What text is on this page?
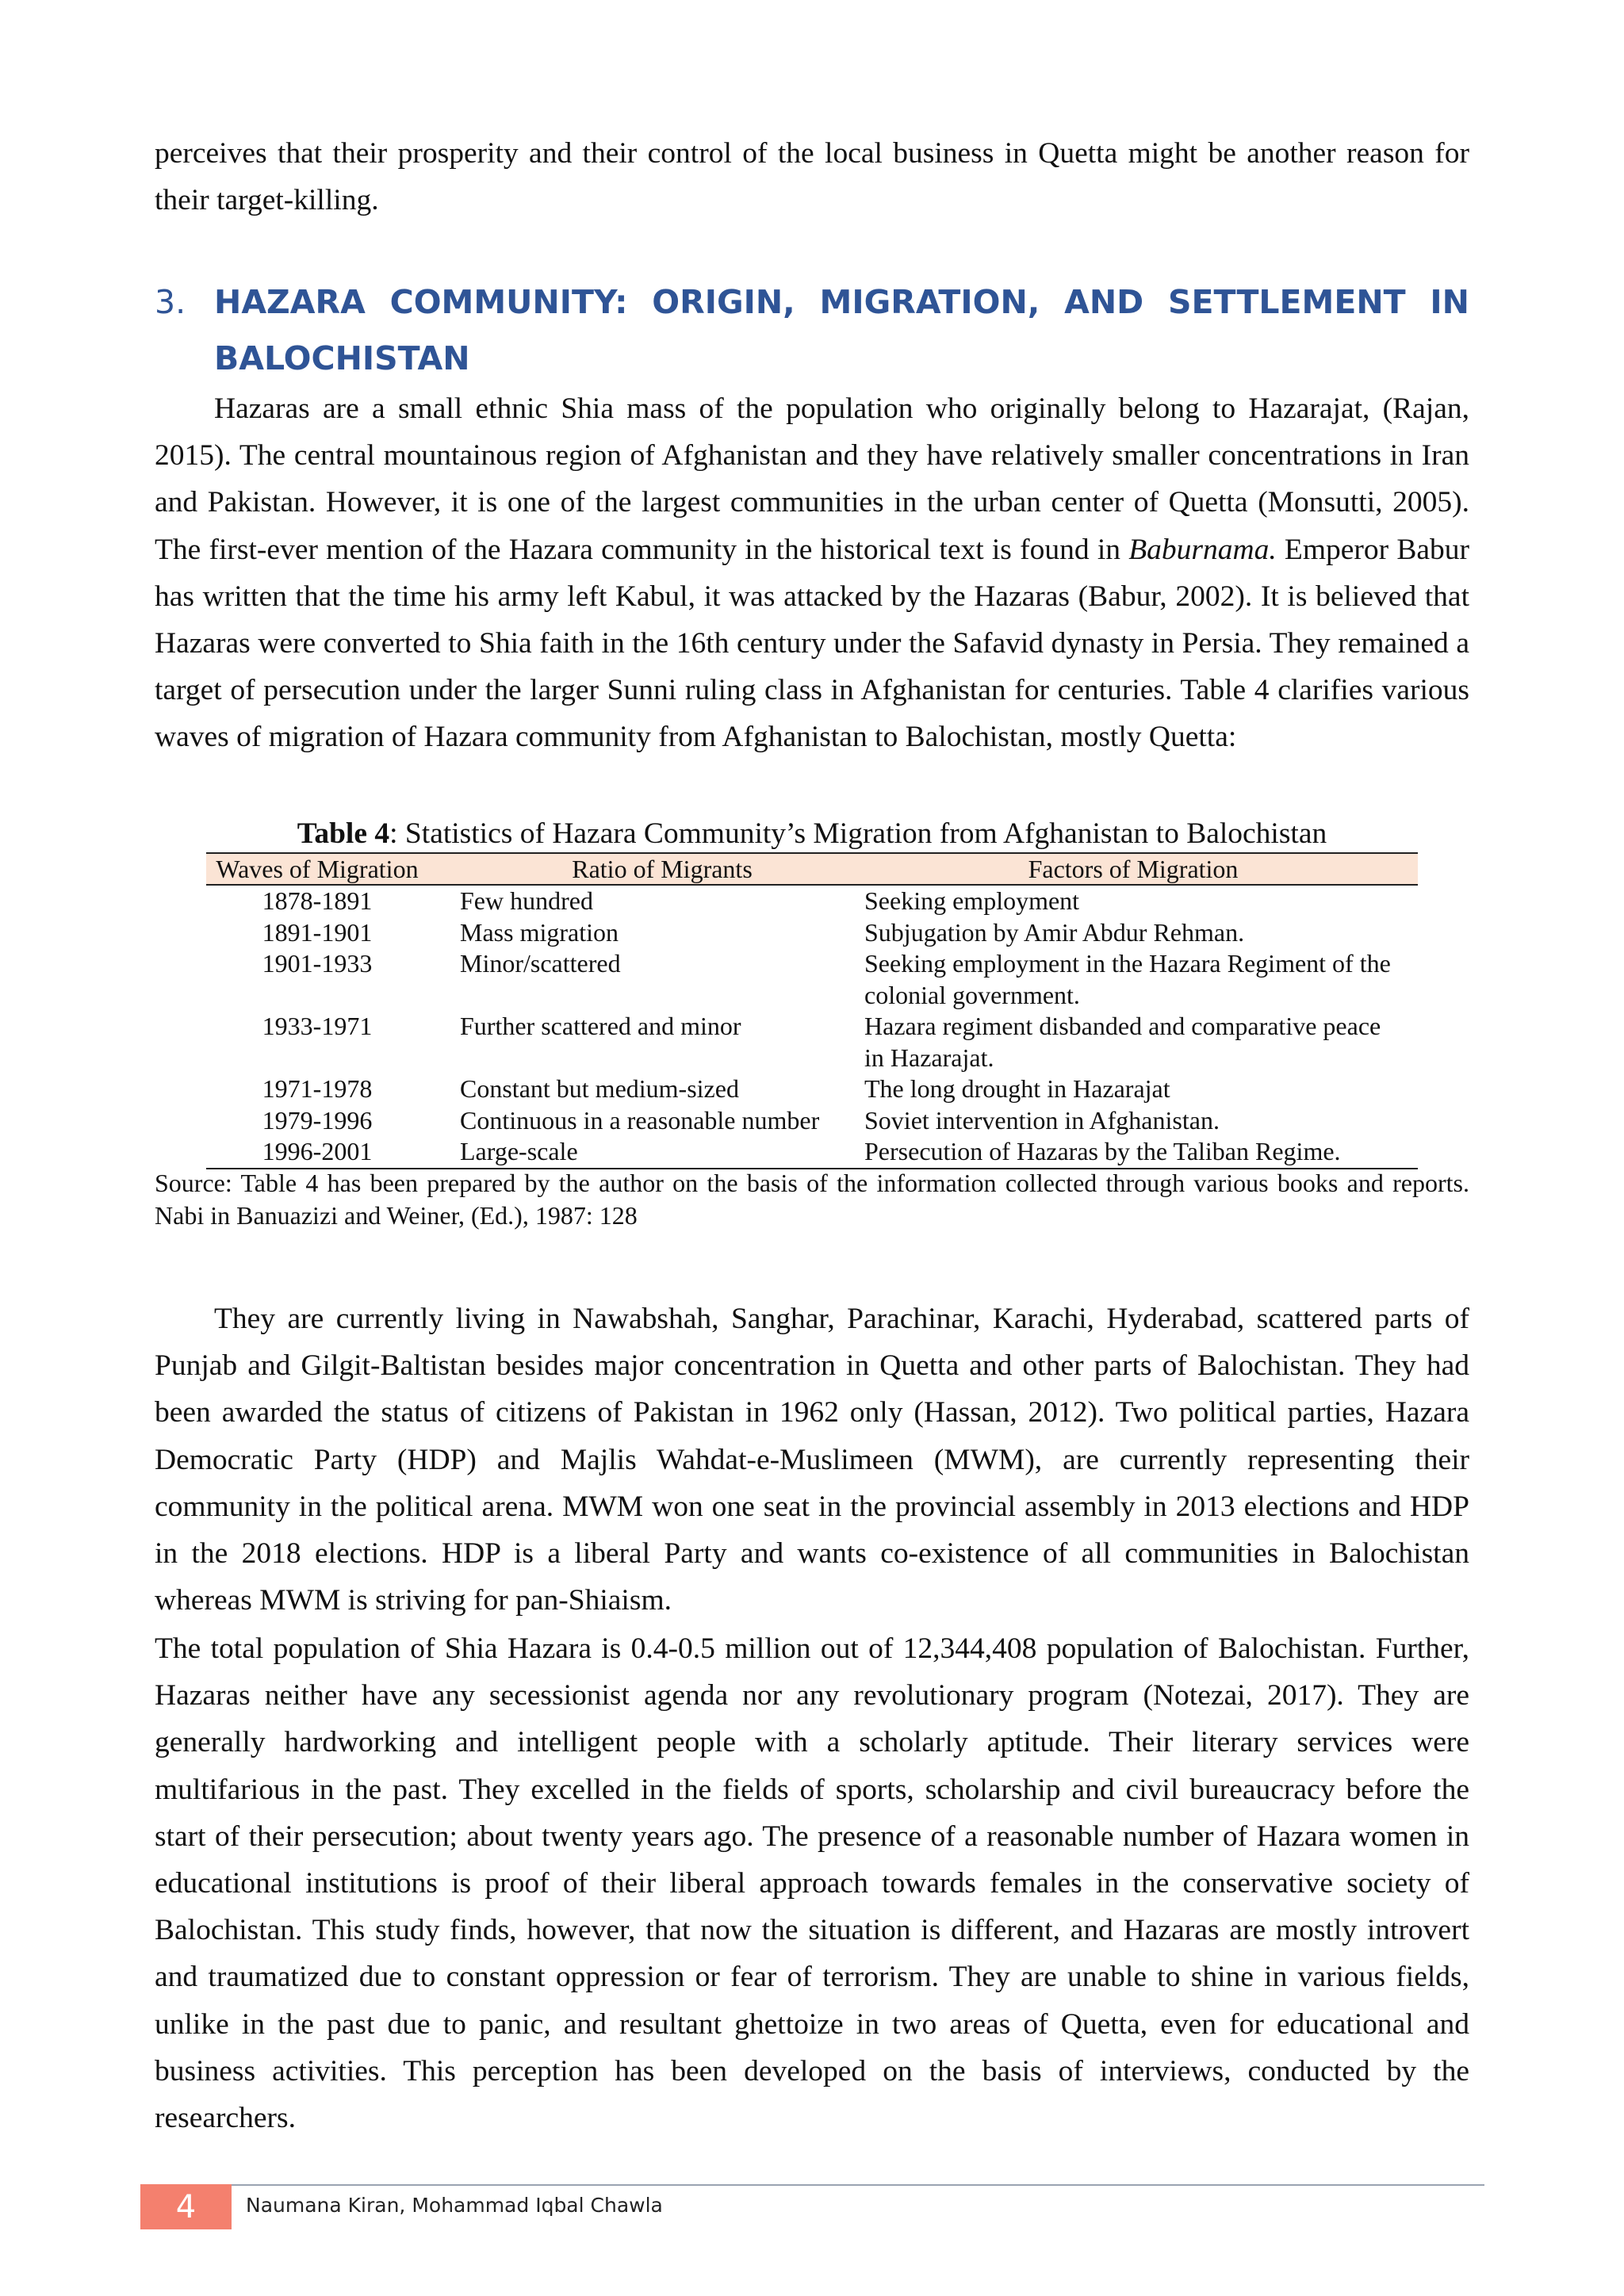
perceives that their prosperity and their control of the local business in Quetta might be another reason for their target-killing.

3. HAZARA COMMUNITY: ORIGIN, MIGRATION, AND SETTLEMENT IN BALOCHISTAN

Hazaras are a small ethnic Shia mass of the population who originally belong to Hazarajat, (Rajan, 2015). The central mountainous region of Afghanistan and they have relatively smaller concentrations in Iran and Pakistan. However, it is one of the largest communities in the urban center of Quetta (Monsutti, 2005). The first-ever mention of the Hazara community in the historical text is found in Baburnama. Emperor Babur has written that the time his army left Kabul, it was attacked by the Hazaras (Babur, 2002). It is believed that Hazaras were converted to Shia faith in the 16th century under the Safavid dynasty in Persia. They remained a target of persecution under the larger Sunni ruling class in Afghanistan for centuries. Table 4 clarifies various waves of migration of Hazara community from Afghanistan to Balochistan, mostly Quetta:

Table 4: Statistics of Hazara Community’s Migration from Afghanistan to Balochistan
Waves of Migration	Ratio of Migrants	Factors of Migration
1878-1891	Few hundred	Seeking employment
1891-1901	Mass migration	Subjugation by Amir Abdur Rehman.
1901-1933	Minor/scattered	Seeking employment in the Hazara Regiment of the colonial government.
1933-1971	Further scattered and minor	Hazara regiment disbanded and comparative peace in Hazarajat.
1971-1978	Constant but medium-sized	The long drought in Hazarajat
1979-1996	Continuous in a reasonable number	Soviet intervention in Afghanistan.
1996-2001	Large-scale	Persecution of Hazaras by the Taliban Regime.

Source: Table 4 has been prepared by the author on the basis of the information collected through various books and reports. Nabi in Banuazizi and Weiner, (Ed.), 1987: 128

They are currently living in Nawabshah, Sanghar, Parachinar, Karachi, Hyderabad, scattered parts of Punjab and Gilgit-Baltistan besides major concentration in Quetta and other parts of Balochistan. They had been awarded the status of citizens of Pakistan in 1962 only (Hassan, 2012). Two political parties, Hazara Democratic Party (HDP) and Majlis Wahdat-e-Muslimeen (MWM), are currently representing their community in the political arena. MWM won one seat in the provincial assembly in 2013 elections and HDP in the 2018 elections. HDP is a liberal Party and wants co-existence of all communities in Balochistan whereas MWM is striving for pan-Shiaism.

The total population of Shia Hazara is 0.4-0.5 million out of 12,344,408 population of Balochistan. Further, Hazaras neither have any secessionist agenda nor any revolutionary program (Notezai, 2017). They are generally hardworking and intelligent people with a scholarly aptitude. Their literary services were multifarious in the past. They excelled in the fields of sports, scholarship and civil bureaucracy before the start of their persecution; about twenty years ago. The presence of a reasonable number of Hazara women in educational institutions is proof of their liberal approach towards females in the conservative society of Balochistan. This study finds, however, that now the situation is different, and Hazaras are mostly introvert and traumatized due to constant oppression or fear of terrorism. They are unable to shine in various fields, unlike in the past due to panic, and resultant ghettoize in two areas of Quetta, even for educational and business activities. This perception has been developed on the basis of interviews, conducted by the researchers.

4	Naumana Kiran, Mohammad Iqbal Chawla
